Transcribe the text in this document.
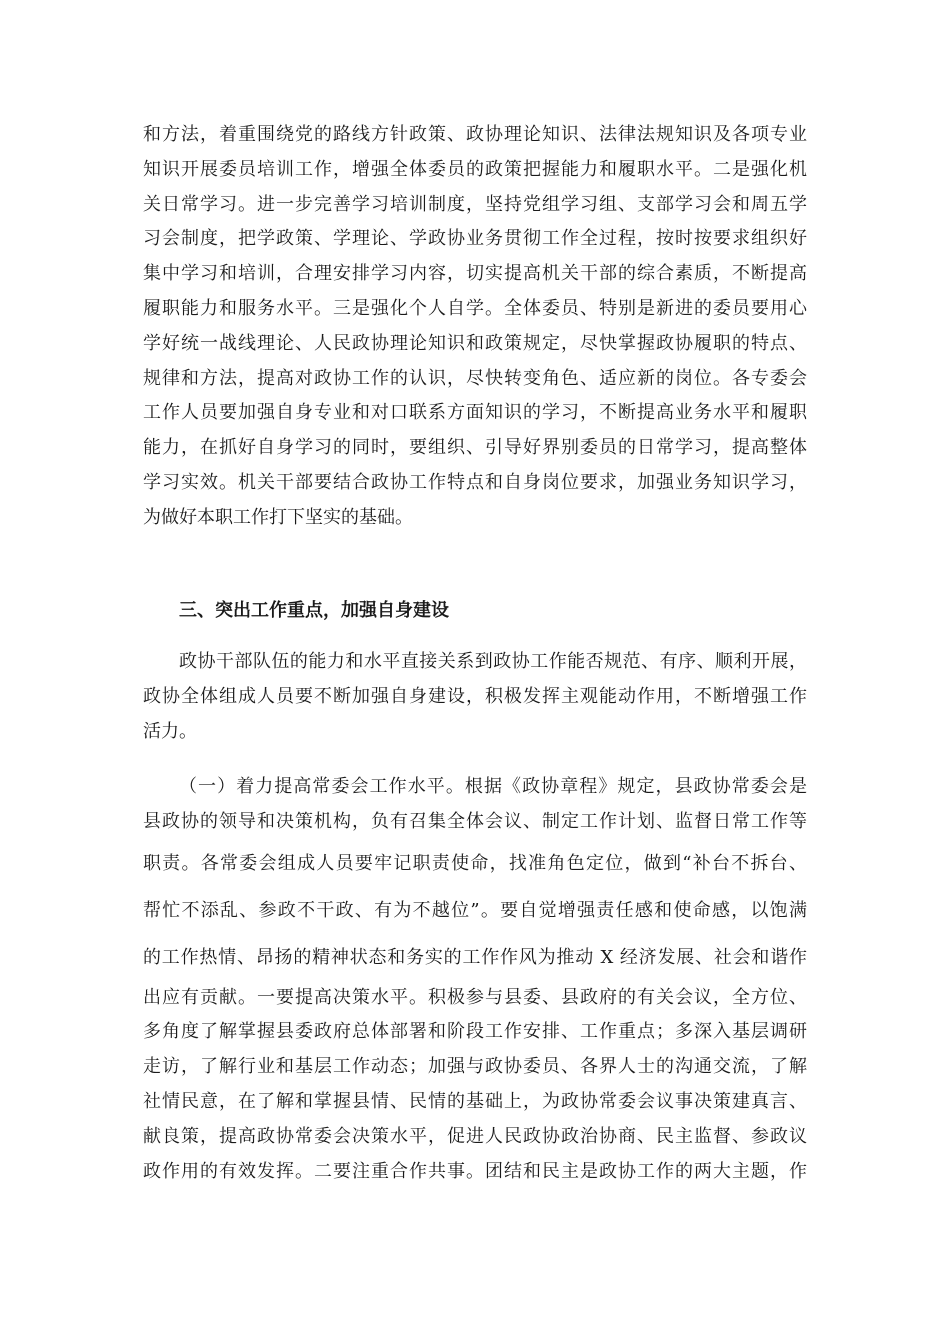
和方法，着重围绕党的路线方针政策、政协理论知识、法律法规知识及各项专业
知识开展委员培训工作，增强全体委员的政策把握能力和履职水平。二是强化机
关日常学习。进一步完善学习培训制度，坚持党组学习组、支部学习会和周五学
习会制度，把学政策、学理论、学政协业务贯彻工作全过程，按时按要求组织好
集中学习和培训，合理安排学习内容，切实提高机关干部的综合素质，不断提高
履职能力和服务水平。三是强化个人自学。全体委员、特别是新进的委员要用心
学好统一战线理论、人民政协理论知识和政策规定，尽快掌握政协履职的特点、
规律和方法，提高对政协工作的认识，尽快转变角色、适应新的岗位。各专委会
工作人员要加强自身专业和对口联系方面知识的学习，不断提高业务水平和履职
能力，在抓好自身学习的同时，要组织、引导好界别委员的日常学习，提高整体
学习实效。机关干部要结合政协工作特点和自身岗位要求，加强业务知识学习，
为做好本职工作打下坚实的基础。
三、突出工作重点，加强自身建设
政协干部队伍的能力和水平直接关系到政协工作能否规范、有序、顺利开展，
政协全体组成人员要不断加强自身建设，积极发挥主观能动作用，不断增强工作
活力。
（一）着力提高常委会工作水平。根据《政协章程》规定，县政协常委会是
县政协的领导和决策机构，负有召集全体会议、制定工作计划、监督日常工作等
职责。各常委会组成人员要牢记职责使命，找准角色定位，做到“补台不拆台、
帮忙不添乱、参政不干政、有为不越位”。要自觉增强责任感和使命感，以饱满
的工作热情、昂扬的精神状态和务实的工作作风为推动 X 经济发展、社会和谐作
出应有贡献。一要提高决策水平。积极参与县委、县政府的有关会议，全方位、
多角度了解掌握县委政府总体部署和阶段工作安排、工作重点；多深入基层调研
走访，了解行业和基层工作动态；加强与政协委员、各界人士的沟通交流，了解
社情民意，在了解和掌握县情、民情的基础上，为政协常委会议事决策建真言、
献良策，提高政协常委会决策水平，促进人民政协政治协商、民主监督、参政议
政作用的有效发挥。二要注重合作共事。团结和民主是政协工作的两大主题，作
